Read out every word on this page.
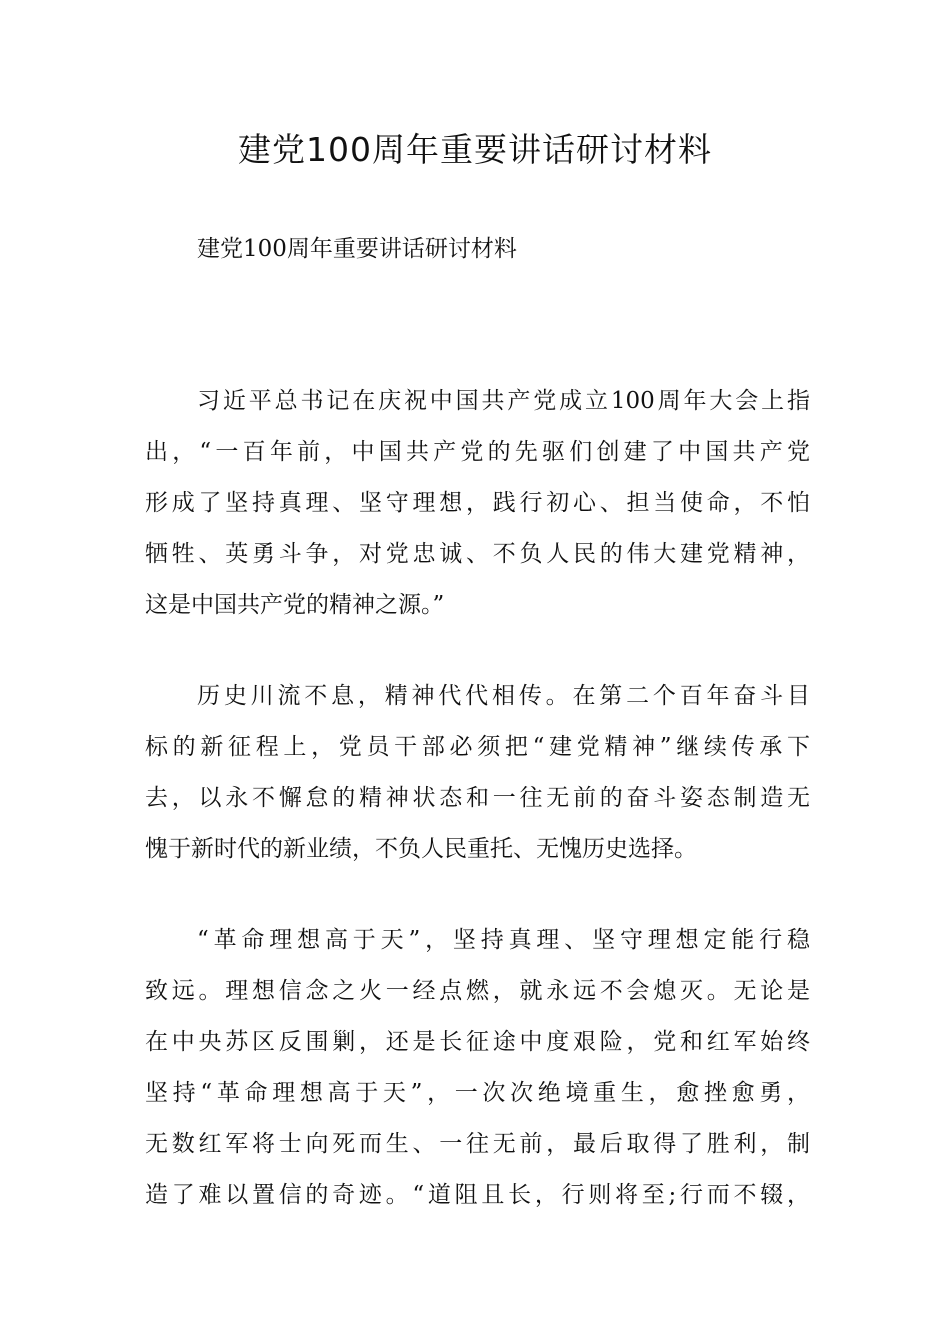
建党100周年重要讲话研讨材料

建党100周年重要讲话研讨材料

习近平总书记在庆祝中国共产党成立100周年大会上指
出，“一百年前，中国共产党的先驱们创建了中国共产党
形成了坚持真理、坚守理想，践行初心、担当使命，不怕
牺牲、英勇斗争，对党忠诚、不负人民的伟大建党精神，
这是中国共产党的精神之源。”
历史川流不息，精神代代相传。在第二个百年奋斗目
标的新征程上，党员干部必须把“建党精神”继续传承下
去，以永不懈怠的精神状态和一往无前的奋斗姿态制造无
愧于新时代的新业绩，不负人民重托、无愧历史选择。
“革命理想高于天”，坚持真理、坚守理想定能行稳
致远。理想信念之火一经点燃，就永远不会熄灭。无论是
在中央苏区反围剿，还是长征途中度艰险，党和红军始终
坚持“革命理想高于天”，一次次绝境重生，愈挫愈勇，
无数红军将士向死而生、一往无前，最后取得了胜利，制
造了难以置信的奇迹。“道阻且长，行则将至;行而不辍，
